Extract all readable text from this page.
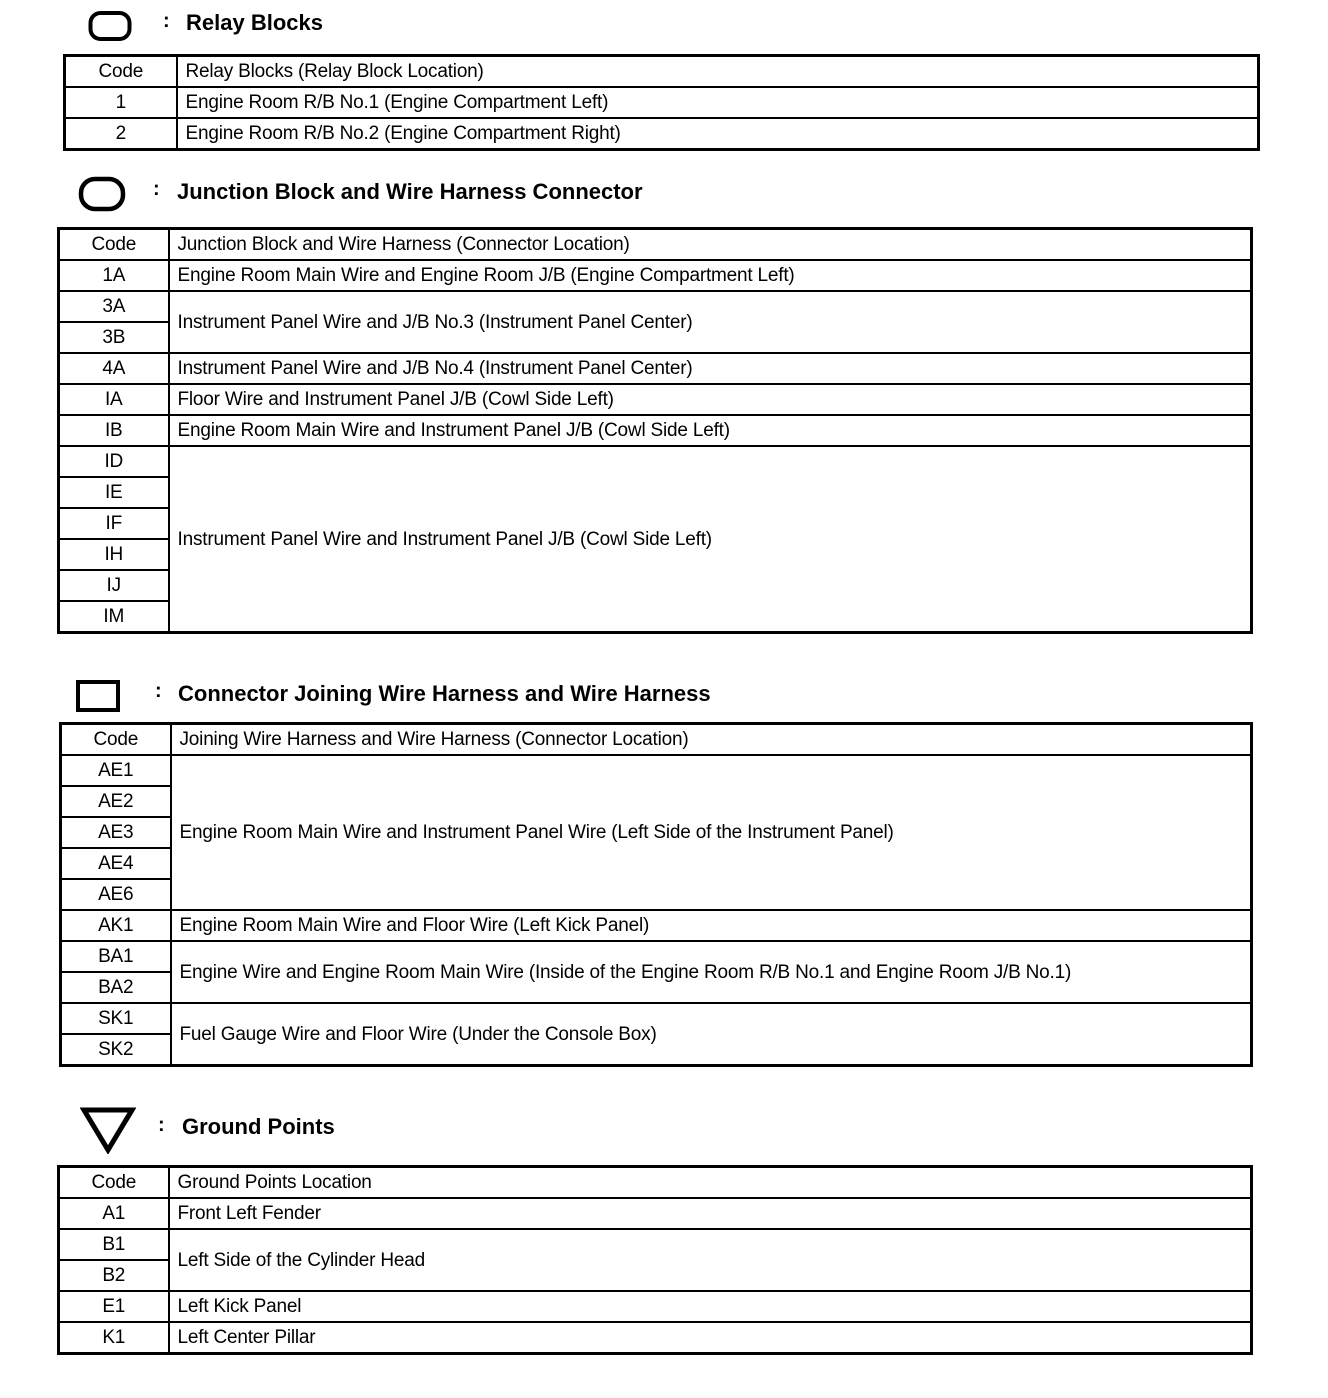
: Relay Blocks
Code	Relay Blocks (Relay Block Location)
1	Engine Room R/B No.1 (Engine Compartment Left)
2	Engine Room R/B No.2 (Engine Compartment Right)
: Junction Block and Wire Harness Connector
Code	Junction Block and Wire Harness (Connector Location)
1A	Engine Room Main Wire and Engine Room J/B (Engine Compartment Left)
3A	Instrument Panel Wire and J/B No.3 (Instrument Panel Center)
3B	
4A	Instrument Panel Wire and J/B No.4 (Instrument Panel Center)
IA	Floor Wire and Instrument Panel J/B (Cowl Side Left)
IB	Engine Room Main Wire and Instrument Panel J/B (Cowl Side Left)
ID	Instrument Panel Wire and Instrument Panel J/B (Cowl Side Left)
IE	
IF	
IH	
IJ	
IM	
: Connector Joining Wire Harness and Wire Harness
Code	Joining Wire Harness and Wire Harness (Connector Location)
AE1	Engine Room Main Wire and Instrument Panel Wire (Left Side of the Instrument Panel)
AE2	
AE3	
AE4	
AE6	
AK1	Engine Room Main Wire and Floor Wire (Left Kick Panel)
BA1	Engine Wire and Engine Room Main Wire (Inside of the Engine Room R/B No.1 and Engine Room J/B No.1)
BA2	
SK1	Fuel Gauge Wire and Floor Wire (Under the Console Box)
SK2	
: Ground Points
Code	Ground Points Location
A1	Front Left Fender
B1	Left Side of the Cylinder Head
B2	
E1	Left Kick Panel
K1	Left Center Pillar
